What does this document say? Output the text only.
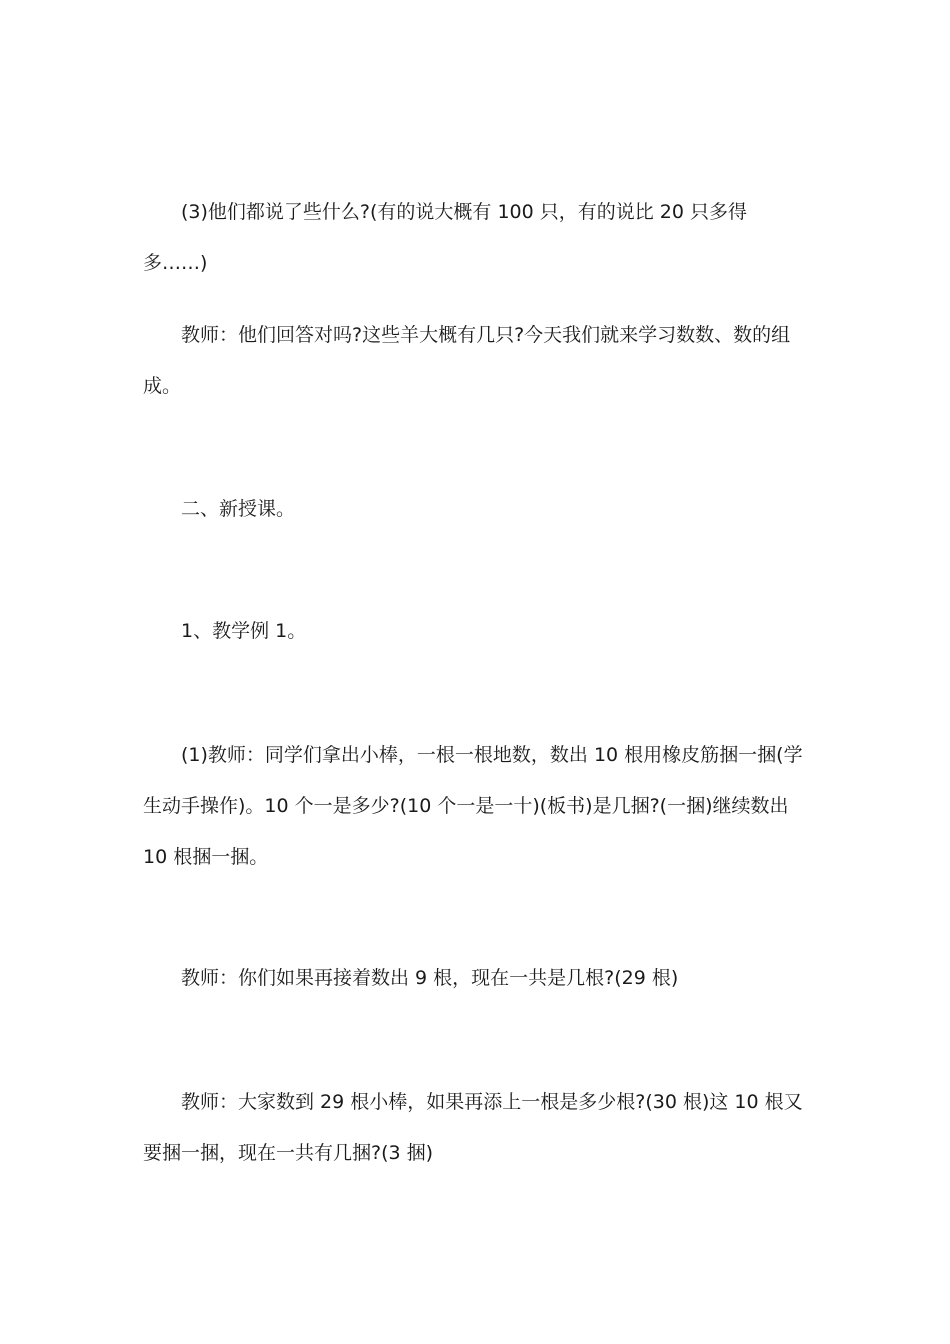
(3)他们都说了些什么?(有的说大概有 100 只，有的说比 20 只多得多……)

教师：他们回答对吗?这些羊大概有几只?今天我们就来学习数数、数的组成。

二、新授课。

1、教学例 1。

(1)教师：同学们拿出小棒，一根一根地数，数出 10 根用橡皮筋捆一捆(学生动手操作)。10 个一是多少?(10 个一是一十)(板书)是几捆?(一捆)继续数出 10 根捆一捆。

教师：你们如果再接着数出 9 根，现在一共是几根?(29 根)

教师：大家数到 29 根小棒，如果再添上一根是多少根?(30 根)这 10 根又要捆一捆，现在一共有几捆?(3 捆)
